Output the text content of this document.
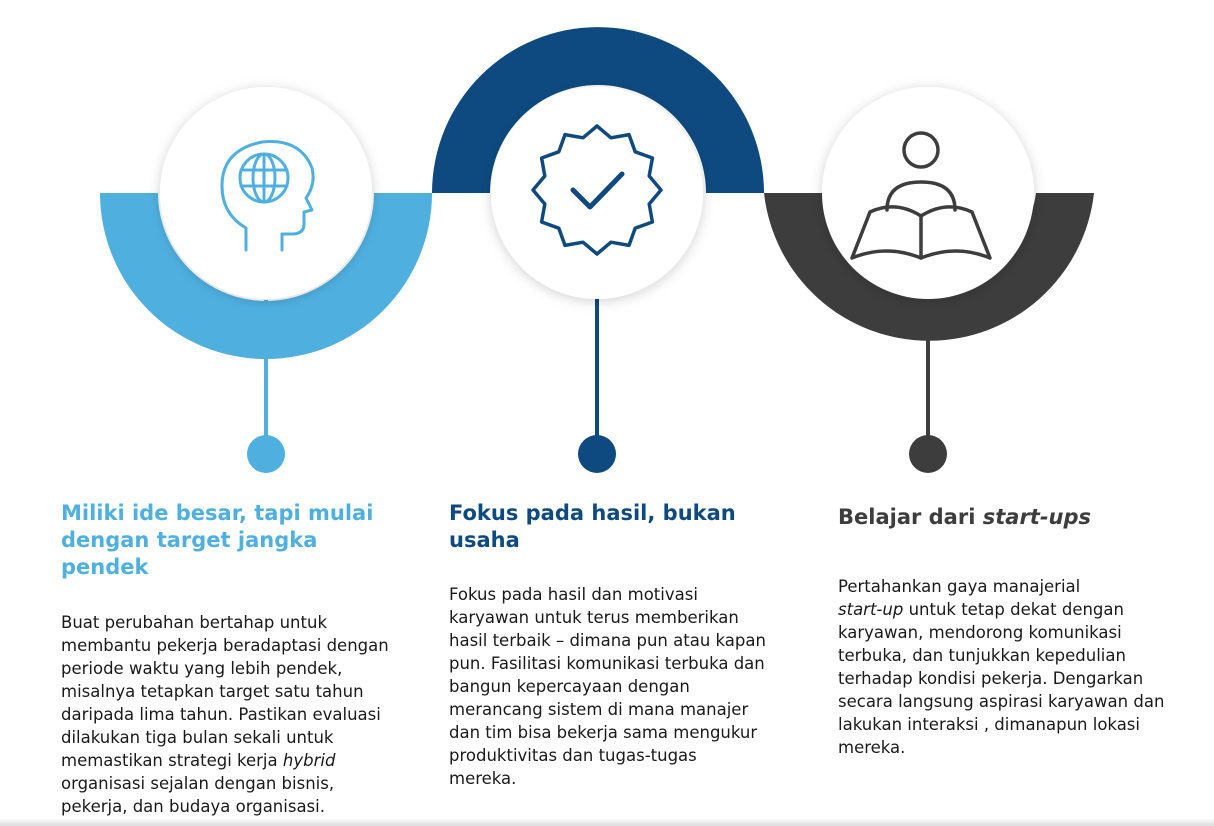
Miliki ide besar, tapi mulai dengan target jangka pendek

Buat perubahan bertahap untuk membantu pekerja beradaptasi dengan periode waktu yang lebih pendek, misalnya tetapkan target satu tahun daripada lima tahun. Pastikan evaluasi dilakukan tiga bulan sekali untuk memastikan strategi kerja hybrid organisasi sejalan dengan bisnis, pekerja, dan budaya organisasi.

Fokus pada hasil, bukan usaha

Fokus pada hasil dan motivasi karyawan untuk terus memberikan hasil terbaik – dimana pun atau kapan pun. Fasilitasi komunikasi terbuka dan bangun kepercayaan dengan merancang sistem di mana manajer dan tim bisa bekerja sama mengukur produktivitas dan tugas-tugas mereka.

Belajar dari start-ups

Pertahankan gaya manajerial
start-up untuk tetap dekat dengan karyawan, mendorong komunikasi terbuka, dan tunjukkan kepedulian terhadap kondisi pekerja. Dengarkan secara langsung aspirasi karyawan dan lakukan interaksi , dimanapun lokasi mereka.
